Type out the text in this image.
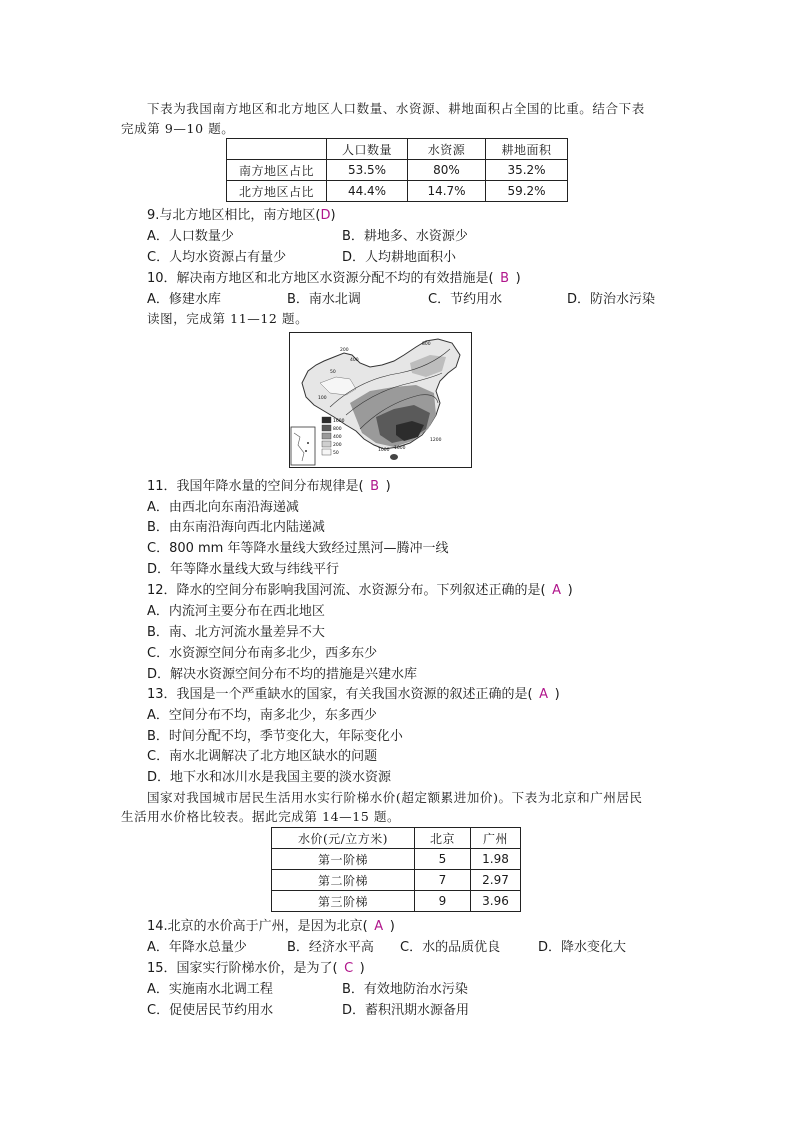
下表为我国南方地区和北方地区人口数量、水资源、耕地面积占全国的比重。结合下表
完成第 9—10 题。
	人口数量	水资源	耕地面积
南方地区占比	53.5%	80%	35.2%
北方地区占比	44.4%	14.7%	59.2%
9.与北方地区相比，南方地区(D)
A．人口数量少	B．耕地多、水资源少
C．人均水资源占有量少	D．人均耕地面积小
10．解决南方地区和北方地区水资源分配不均的有效措施是( B )
A．修建水库	B．南水北调	C．节约用水	D．防治水污染
读图，完成第 11—12 题。
1600
800
400
200
50
200
400
800
1600
50
100
1000
1200
11．我国年降水量的空间分布规律是( B )
A．由西北向东南沿海递减
B．由东南沿海向西北内陆递减
C．800 mm 年等降水量线大致经过黑河—腾冲一线
D．年等降水量线大致与纬线平行
12．降水的空间分布影响我国河流、水资源分布。下列叙述正确的是( A )
A．内流河主要分布在西北地区
B．南、北方河流水量差异不大
C．水资源空间分布南多北少，西多东少
D．解决水资源空间分布不均的措施是兴建水库
13．我国是一个严重缺水的国家，有关我国水资源的叙述正确的是( A )
A．空间分布不均，南多北少，东多西少
B．时间分配不均，季节变化大，年际变化小
C．南水北调解决了北方地区缺水的问题
D．地下水和冰川水是我国主要的淡水资源
国家对我国城市居民生活用水实行阶梯水价(超定额累进加价)。下表为北京和广州居民
生活用水价格比较表。据此完成第 14—15 题。
水价(元/立方米)	北京	广州
第一阶梯	5	1.98
第二阶梯	7	2.97
第三阶梯	9	3.96
14.北京的水价高于广州，是因为北京( A )
A．年降水总量少	B．经济水平高 C．水的品质优良	D．降水变化大
15．国家实行阶梯水价，是为了( C )
A．实施南水北调工程	B．有效地防治水污染
C．促使居民节约用水	D．蓄积汛期水源备用
